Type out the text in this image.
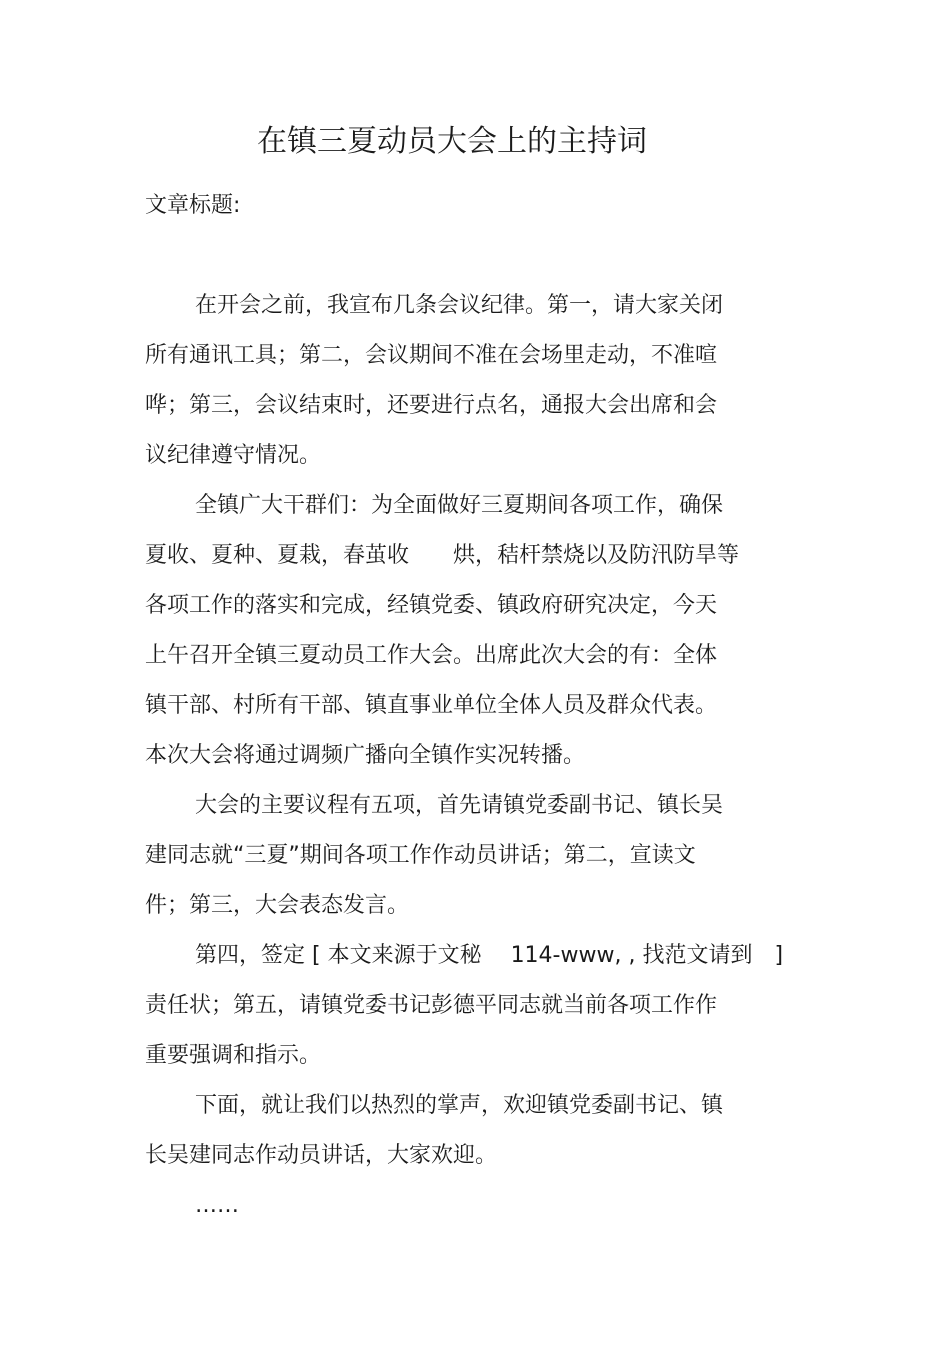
在镇三夏动员大会上的主持词
文章标题:
在开会之前，我宣布几条会议纪律。第一，请大家关闭
所有通讯工具；第二，会议期间不准在会场里走动，不准喧
哗；第三，会议结束时，还要进行点名，通报大会出席和会
议纪律遵守情况。
全镇广大干群们：为全面做好三夏期间各项工作，确保
夏收、夏种、夏栽，春茧收　　烘，秸杆禁烧以及防汛防旱等
各项工作的落实和完成，经镇党委、镇政府研究决定，今天
上午召开全镇三夏动员工作大会。出席此次大会的有：全体
镇干部、村所有干部、镇直事业单位全体人员及群众代表。
本次大会将通过调频广播向全镇作实况转播。
大会的主要议程有五项，首先请镇党委副书记、镇长吴
建同志就“三夏”期间各项工作作动员讲话；第二，宣读文
件；第三，大会表态发言。
第四，签定 [ 本文来源于文秘　 114-www, , 找范文请到　]
责任状；第五，请镇党委书记彭德平同志就当前各项工作作
重要强调和指示。
下面，就让我们以热烈的掌声，欢迎镇党委副书记、镇
长吴建同志作动员讲话，大家欢迎。
……
